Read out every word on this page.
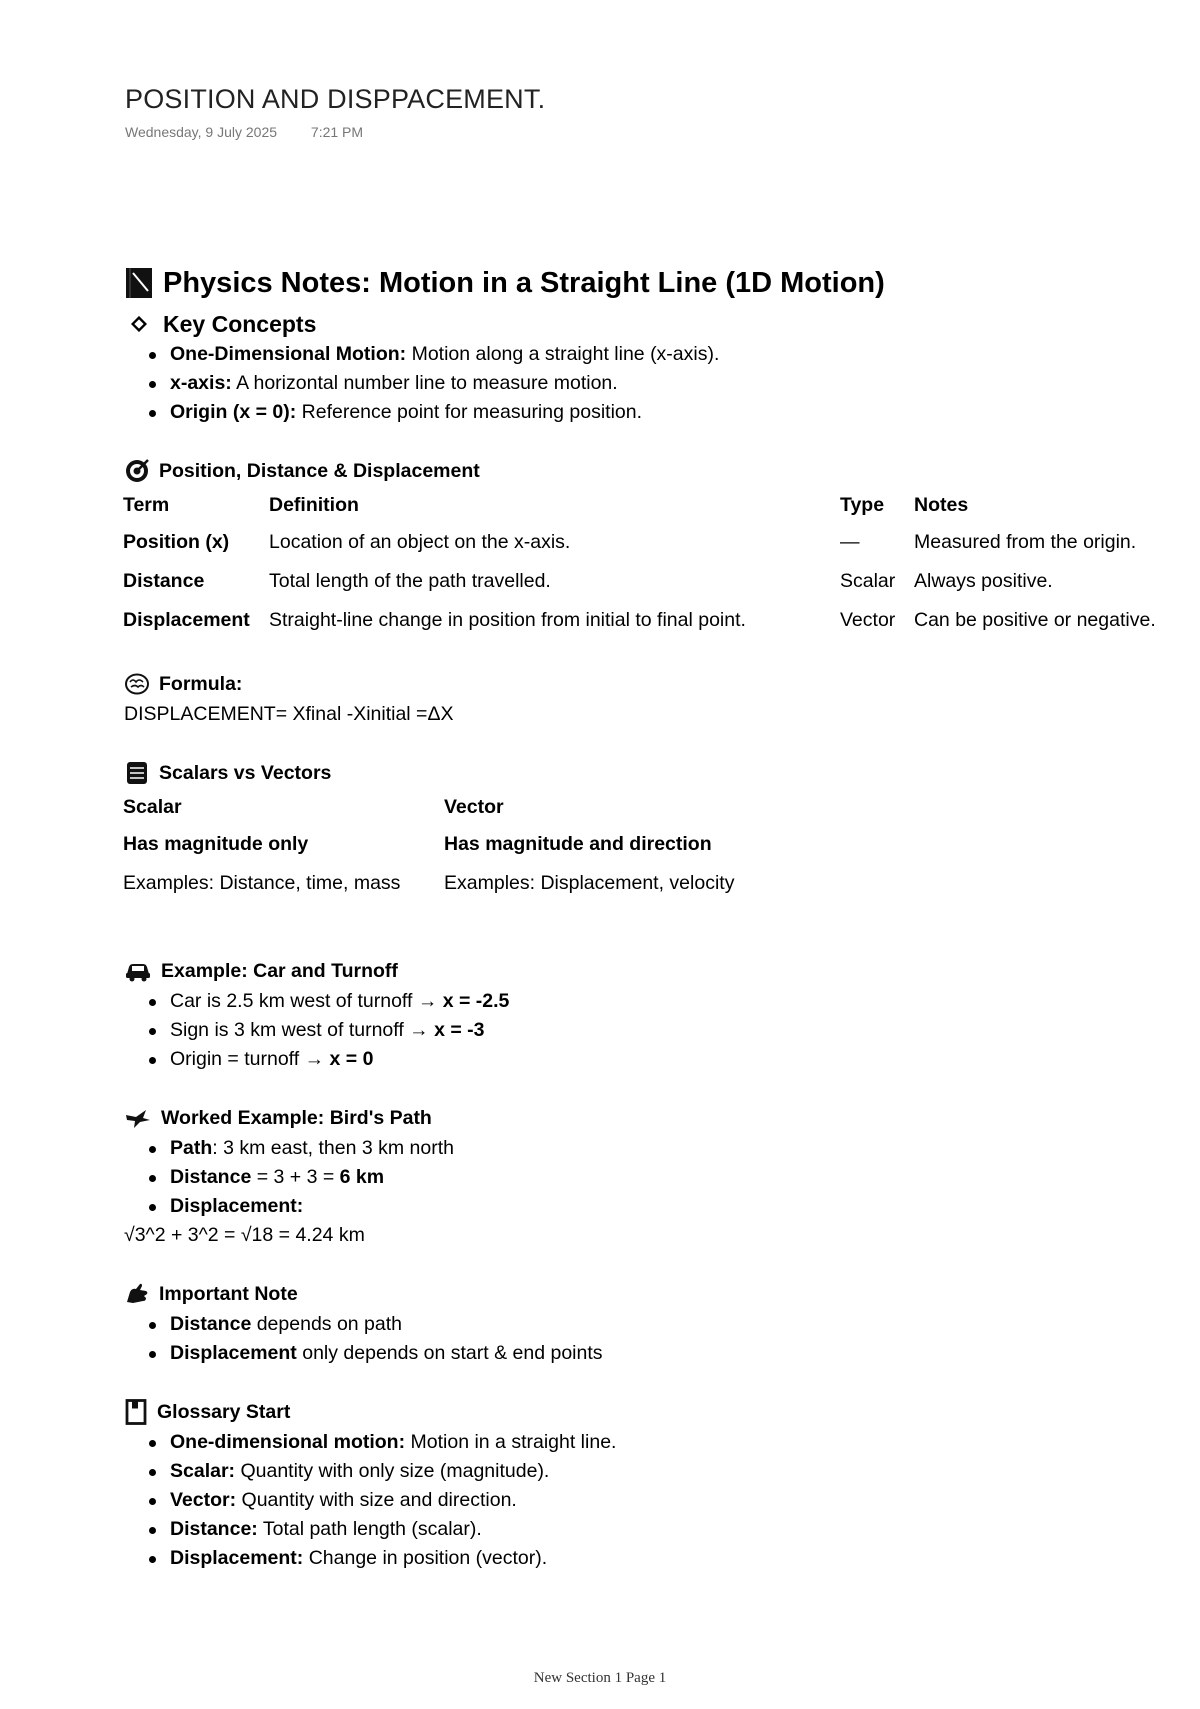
POSITION AND DISPPACEMENT.
Wednesday, 9 July 2025 7:21 PM
Physics Notes: Motion in a Straight Line (1D Motion)
Key Concepts
One-Dimensional Motion: Motion along a straight line (x-axis).
x-axis: A horizontal number line to measure motion.
Origin (x = 0): Reference point for measuring position.
Position, Distance & Displacement
Term	Definition	Type	Notes
Position (x)	Location of an object on the x-axis.	—	Measured from the origin.
Distance	Total length of the path travelled.	Scalar	Always positive.
Displacement	Straight-line change in position from initial to final point.	Vector	Can be positive or negative.
Formula:
DISPLACEMENT= Xfinal -Xinitial =ΔX
Scalars vs Vectors
Scalar	Vector
Has magnitude only	Has magnitude and direction
Examples: Distance, time, mass	Examples: Displacement, velocity
Example: Car and Turnoff
Car is 2.5 km west of turnoff → x = -2.5
Sign is 3 km west of turnoff → x = -3
Origin = turnoff → x = 0
Worked Example: Bird's Path
Path: 3 km east, then 3 km north
Distance = 3 + 3 = 6 km
Displacement:
√3^2 + 3^2 = √18 = 4.24 km
Important Note
Distance depends on path
Displacement only depends on start & end points
Glossary Start
One-dimensional motion: Motion in a straight line.
Scalar: Quantity with only size (magnitude).
Vector: Quantity with size and direction.
Distance: Total path length (scalar).
Displacement: Change in position (vector).
New Section 1 Page 1
